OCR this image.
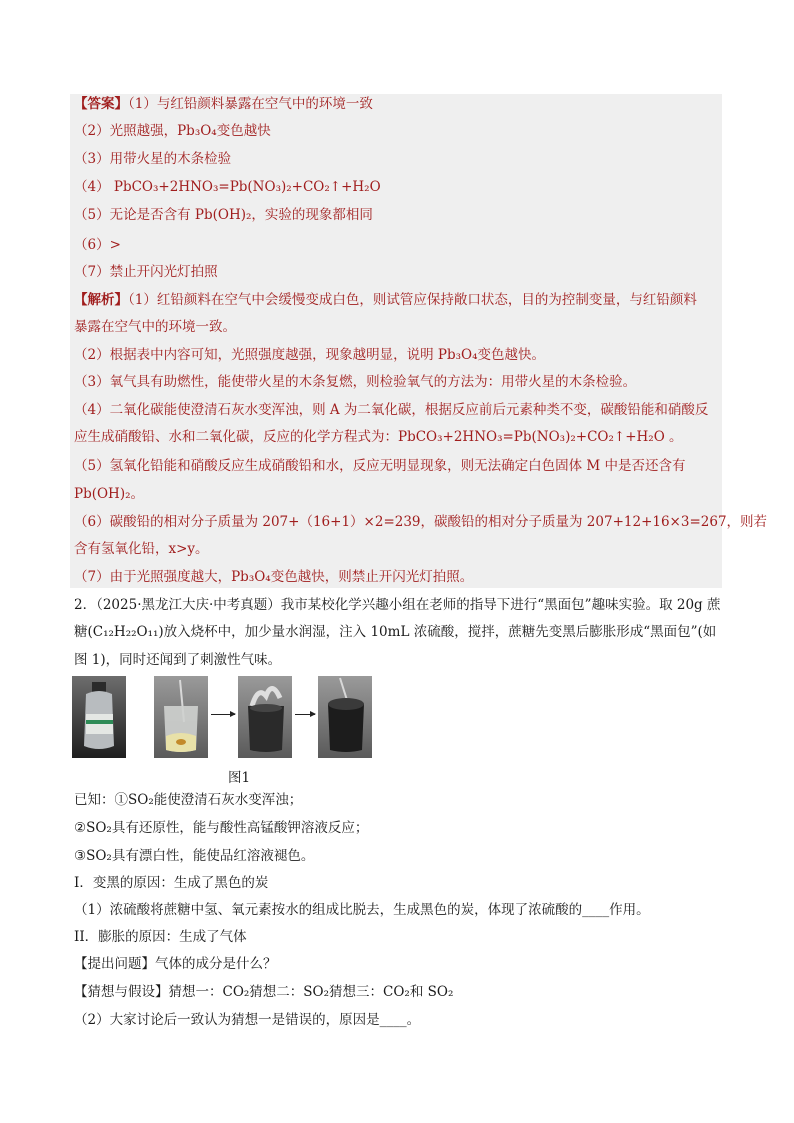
【答案】（1）与红铅颜料暴露在空气中的环境一致
（2）光照越强，Pb₃O₄变色越快
（3）用带火星的木条检验
（4） PbCO₃+2HNO₃=Pb(NO₃)₂+CO₂↑+H₂O
（5）无论是否含有 Pb(OH)₂，实验的现象都相同
（6）>
（7）禁止开闪光灯拍照
【解析】（1）红铅颜料在空气中会缓慢变成白色，则试管应保持敞口状态，目的为控制变量，与红铅颜料
暴露在空气中的环境一致。
（2）根据表中内容可知，光照强度越强，现象越明显，说明 Pb₃O₄变色越快。
（3）氧气具有助燃性，能使带火星的木条复燃，则检验氧气的方法为：用带火星的木条检验。
（4）二氧化碳能使澄清石灰水变浑浊，则 A 为二氧化碳，根据反应前后元素种类不变，碳酸铅能和硝酸反
应生成硝酸铅、水和二氧化碳，反应的化学方程式为：PbCO₃+2HNO₃=Pb(NO₃)₂+CO₂↑+H₂O 。
（5）氢氧化铅能和硝酸反应生成硝酸铅和水，反应无明显现象，则无法确定白色固体 M 中是否还含有
Pb(OH)₂。
（6）碳酸铅的相对分子质量为 207+（16+1）×2=239，碳酸铅的相对分子质量为 207+12+16×3=267，则若
含有氢氧化铅，x>y。
（7）由于光照强度越大，Pb₃O₄变色越快，则禁止开闪光灯拍照。
2．（2025·黑龙江大庆·中考真题）我市某校化学兴趣小组在老师的指导下进行“黑面包”趣味实验。取 20g 蔗
糖(C₁₂H₂₂O₁₁)放入烧杯中，加少量水润湿，注入 10mL 浓硫酸，搅拌，蔗糖先变黑后膨胀形成“黑面包”(如
图 1)，同时还闻到了刺激性气味。
图1
已知：①SO₂能使澄清石灰水变浑浊；
②SO₂具有还原性，能与酸性高锰酸钾溶液反应；
③SO₂具有漂白性，能使品红溶液褪色。
I．变黑的原因：生成了黑色的炭
（1）浓硫酸将蔗糖中氢、氧元素按水的组成比脱去，生成黑色的炭，体现了浓硫酸的____作用。
II．膨胀的原因：生成了气体
【提出问题】气体的成分是什么？
【猜想与假设】猜想一：CO₂猜想二：SO₂猜想三：CO₂和 SO₂
（2）大家讨论后一致认为猜想一是错误的，原因是____。
